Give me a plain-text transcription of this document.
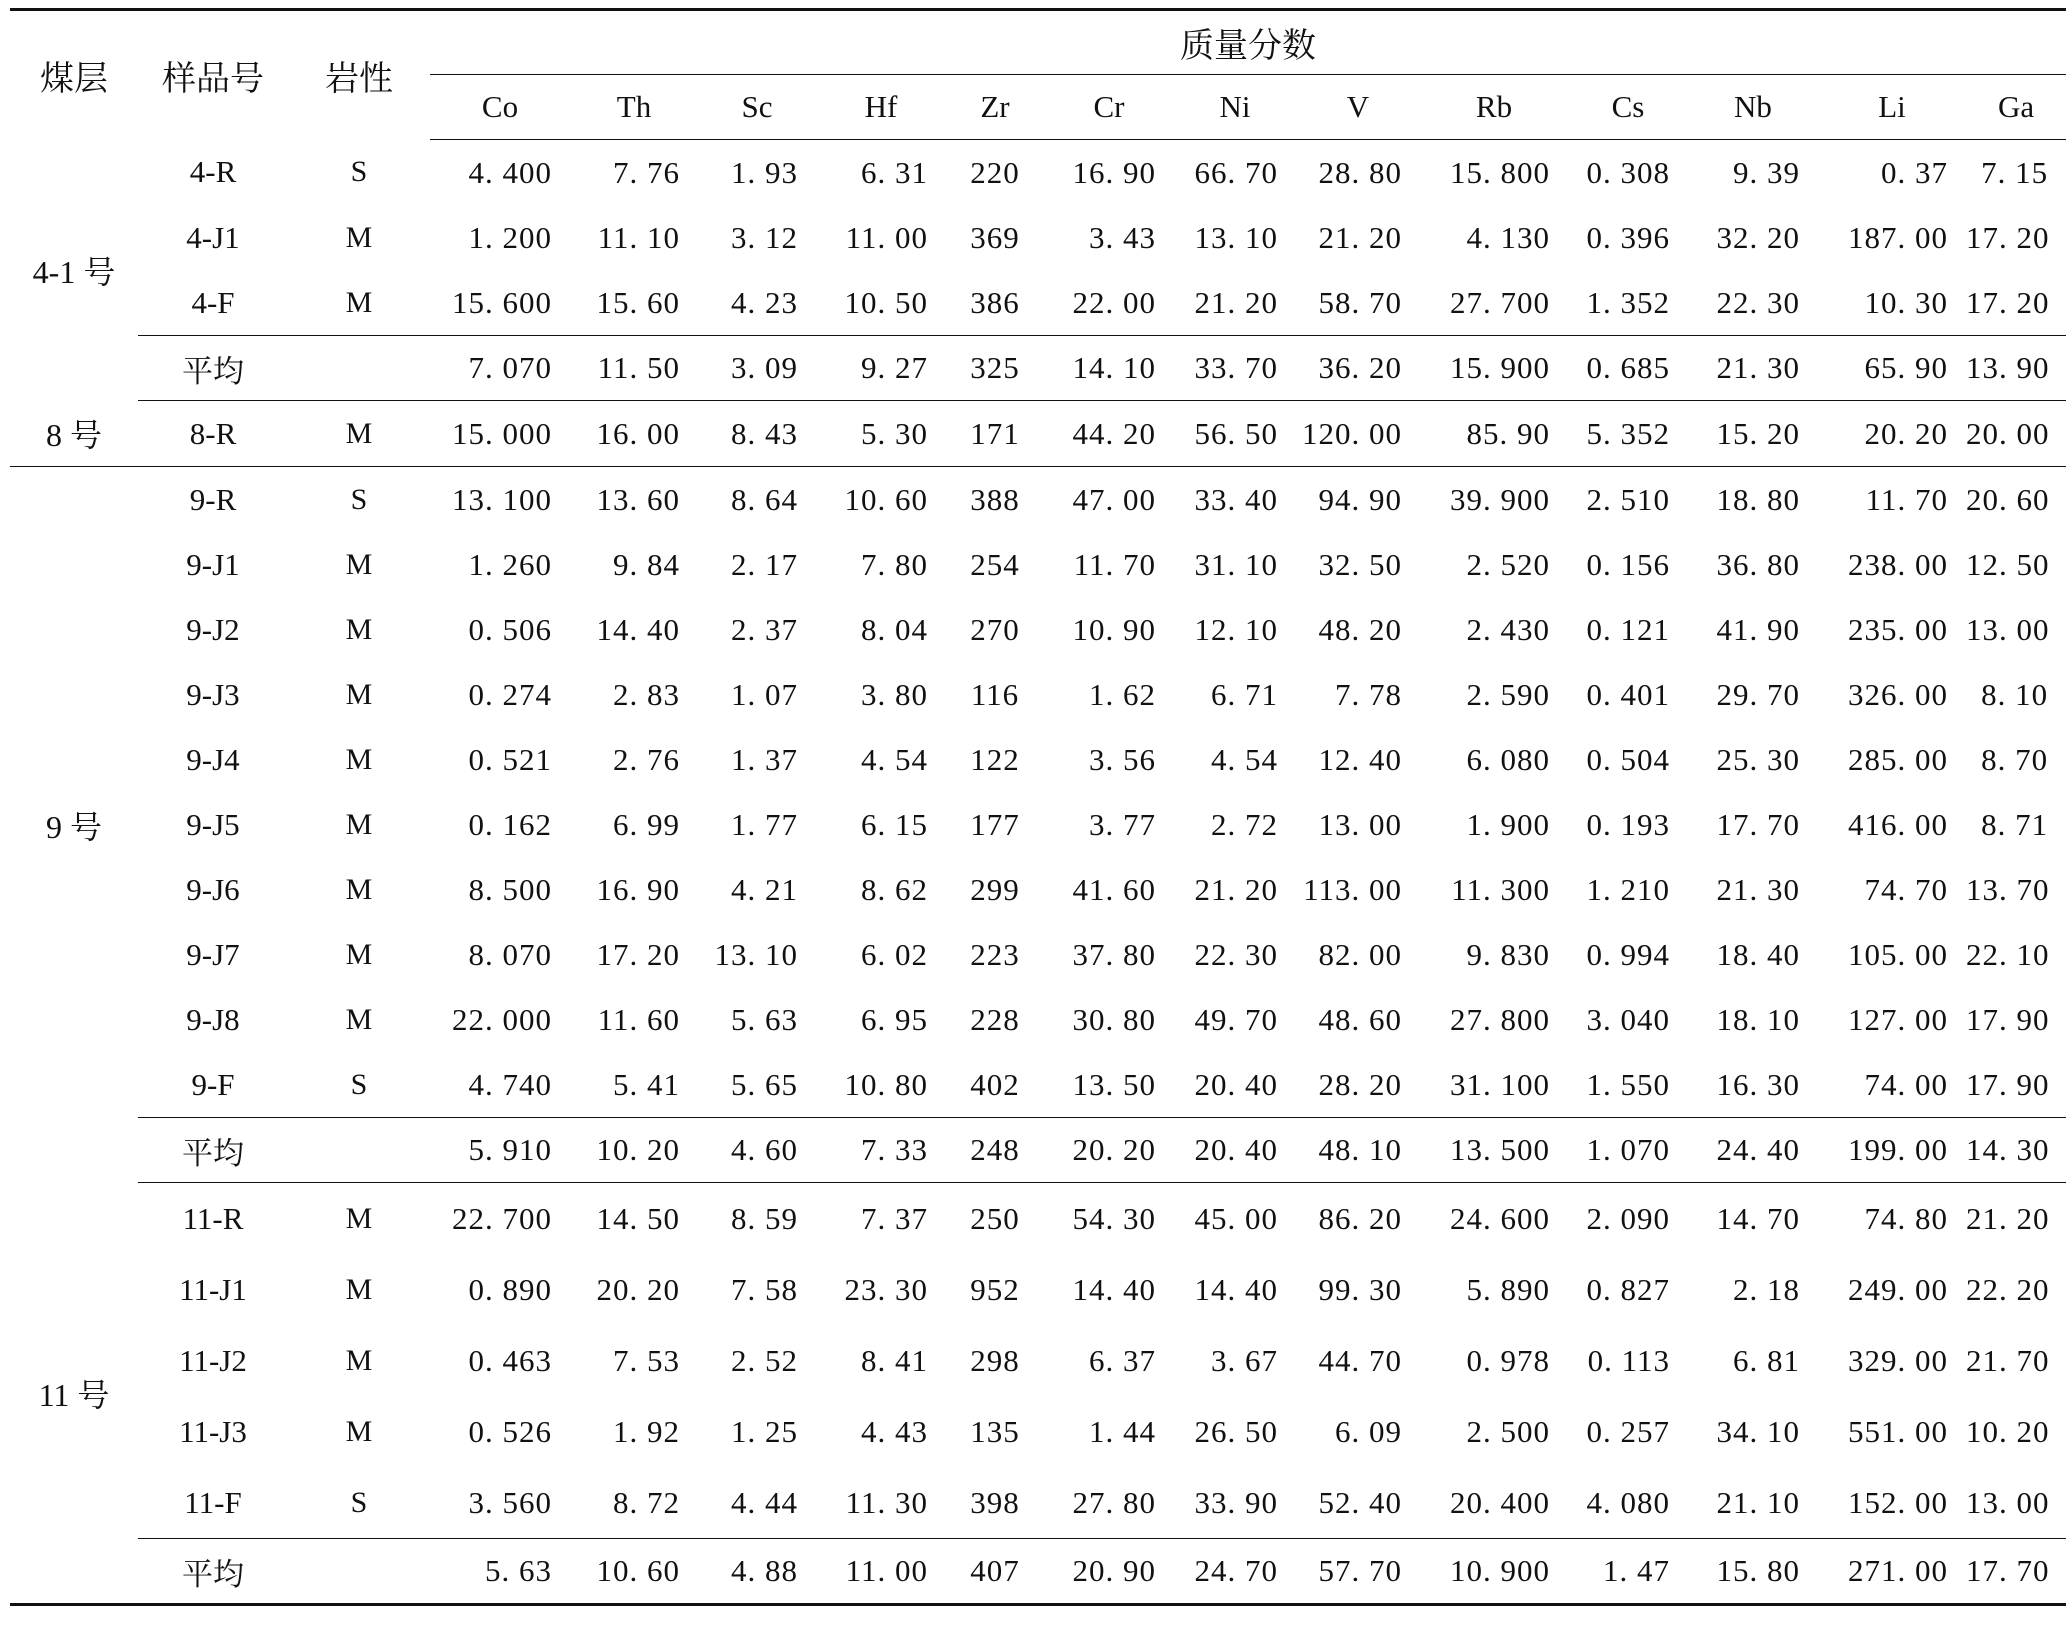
煤层	样品号	岩性	质量分数												
			Co	Th	Sc	Hf	Zr	Cr	Ni	V	Rb	Cs	Nb	Li	Ga
4-1 号	4-R	S	4. 400	7. 76	1. 93	6. 31	220	16. 90	66. 70	28. 80	15. 800	0. 308	9. 39	0. 37	7. 15
	4-J1	M	1. 200	11. 10	3. 12	11. 00	369	3. 43	13. 10	21. 20	4. 130	0. 396	32. 20	187. 00	17. 20
	4-F	M	15. 600	15. 60	4. 23	10. 50	386	22. 00	21. 20	58. 70	27. 700	1. 352	22. 30	10. 30	17. 20
	平均		7. 070	11. 50	3. 09	9. 27	325	14. 10	33. 70	36. 20	15. 900	0. 685	21. 30	65. 90	13. 90
8 号	8-R	M	15. 000	16. 00	8. 43	5. 30	171	44. 20	56. 50	120. 00	85. 90	5. 352	15. 20	20. 20	20. 00
9 号	9-R	S	13. 100	13. 60	8. 64	10. 60	388	47. 00	33. 40	94. 90	39. 900	2. 510	18. 80	11. 70	20. 60
	9-J1	M	1. 260	9. 84	2. 17	7. 80	254	11. 70	31. 10	32. 50	2. 520	0. 156	36. 80	238. 00	12. 50
	9-J2	M	0. 506	14. 40	2. 37	8. 04	270	10. 90	12. 10	48. 20	2. 430	0. 121	41. 90	235. 00	13. 00
	9-J3	M	0. 274	2. 83	1. 07	3. 80	116	1. 62	6. 71	7. 78	2. 590	0. 401	29. 70	326. 00	8. 10
	9-J4	M	0. 521	2. 76	1. 37	4. 54	122	3. 56	4. 54	12. 40	6. 080	0. 504	25. 30	285. 00	8. 70
	9-J5	M	0. 162	6. 99	1. 77	6. 15	177	3. 77	2. 72	13. 00	1. 900	0. 193	17. 70	416. 00	8. 71
	9-J6	M	8. 500	16. 90	4. 21	8. 62	299	41. 60	21. 20	113. 00	11. 300	1. 210	21. 30	74. 70	13. 70
	9-J7	M	8. 070	17. 20	13. 10	6. 02	223	37. 80	22. 30	82. 00	9. 830	0. 994	18. 40	105. 00	22. 10
	9-J8	M	22. 000	11. 60	5. 63	6. 95	228	30. 80	49. 70	48. 60	27. 800	3. 040	18. 10	127. 00	17. 90
	9-F	S	4. 740	5. 41	5. 65	10. 80	402	13. 50	20. 40	28. 20	31. 100	1. 550	16. 30	74. 00	17. 90
	平均		5. 910	10. 20	4. 60	7. 33	248	20. 20	20. 40	48. 10	13. 500	1. 070	24. 40	199. 00	14. 30
11 号	11-R	M	22. 700	14. 50	8. 59	7. 37	250	54. 30	45. 00	86. 20	24. 600	2. 090	14. 70	74. 80	21. 20
	11-J1	M	0. 890	20. 20	7. 58	23. 30	952	14. 40	14. 40	99. 30	5. 890	0. 827	2. 18	249. 00	22. 20
	11-J2	M	0. 463	7. 53	2. 52	8. 41	298	6. 37	3. 67	44. 70	0. 978	0. 113	6. 81	329. 00	21. 70
	11-J3	M	0. 526	1. 92	1. 25	4. 43	135	1. 44	26. 50	6. 09	2. 500	0. 257	34. 10	551. 00	10. 20
	11-F	S	3. 560	8. 72	4. 44	11. 30	398	27. 80	33. 90	52. 40	20. 400	4. 080	21. 10	152. 00	13. 00
	平均		5. 63	10. 60	4. 88	11. 00	407	20. 90	24. 70	57. 70	10. 900	1. 47	15. 80	271. 00	17. 70
